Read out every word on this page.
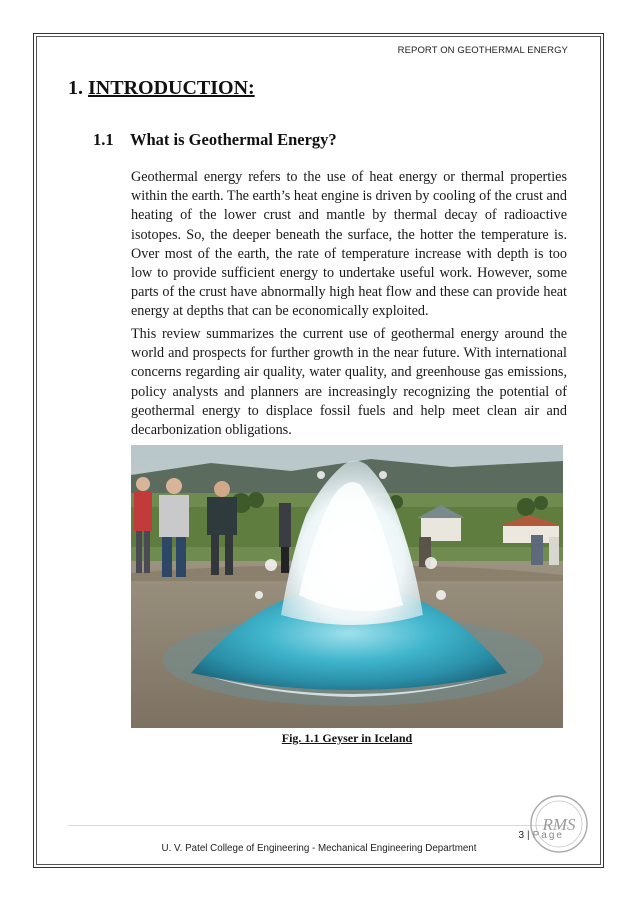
REPORT ON GEOTHERMAL ENERGY
1. INTRODUCTION:
1.1 What is Geothermal Energy?

Geothermal energy refers to the use of heat energy or thermal properties within the earth. The earth’s heat engine is driven by cooling of the crust and heating of the lower crust and mantle by thermal decay of radioactive isotopes. So, the deeper beneath the surface, the hotter the temperature is. Over most of the earth, the rate of temperature increase with depth is too low to provide sufficient energy to undertake useful work. However, some parts of the crust have abnormally high heat flow and these can provide heat energy at depths that can be economically exploited.

This review summarizes the current use of geothermal energy around the world and prospects for further growth in the near future. With international concerns regarding air quality, water quality, and greenhouse gas emissions, policy analysts and planners are increasingly recognizing the potential of geothermal energy to displace fossil fuels and help meet clean air and decarbonization obligations.

Fig. 1.1 Geyser in Iceland
RMS
3 | Page
U. V. Patel College of Engineering - Mechanical Engineering Department
